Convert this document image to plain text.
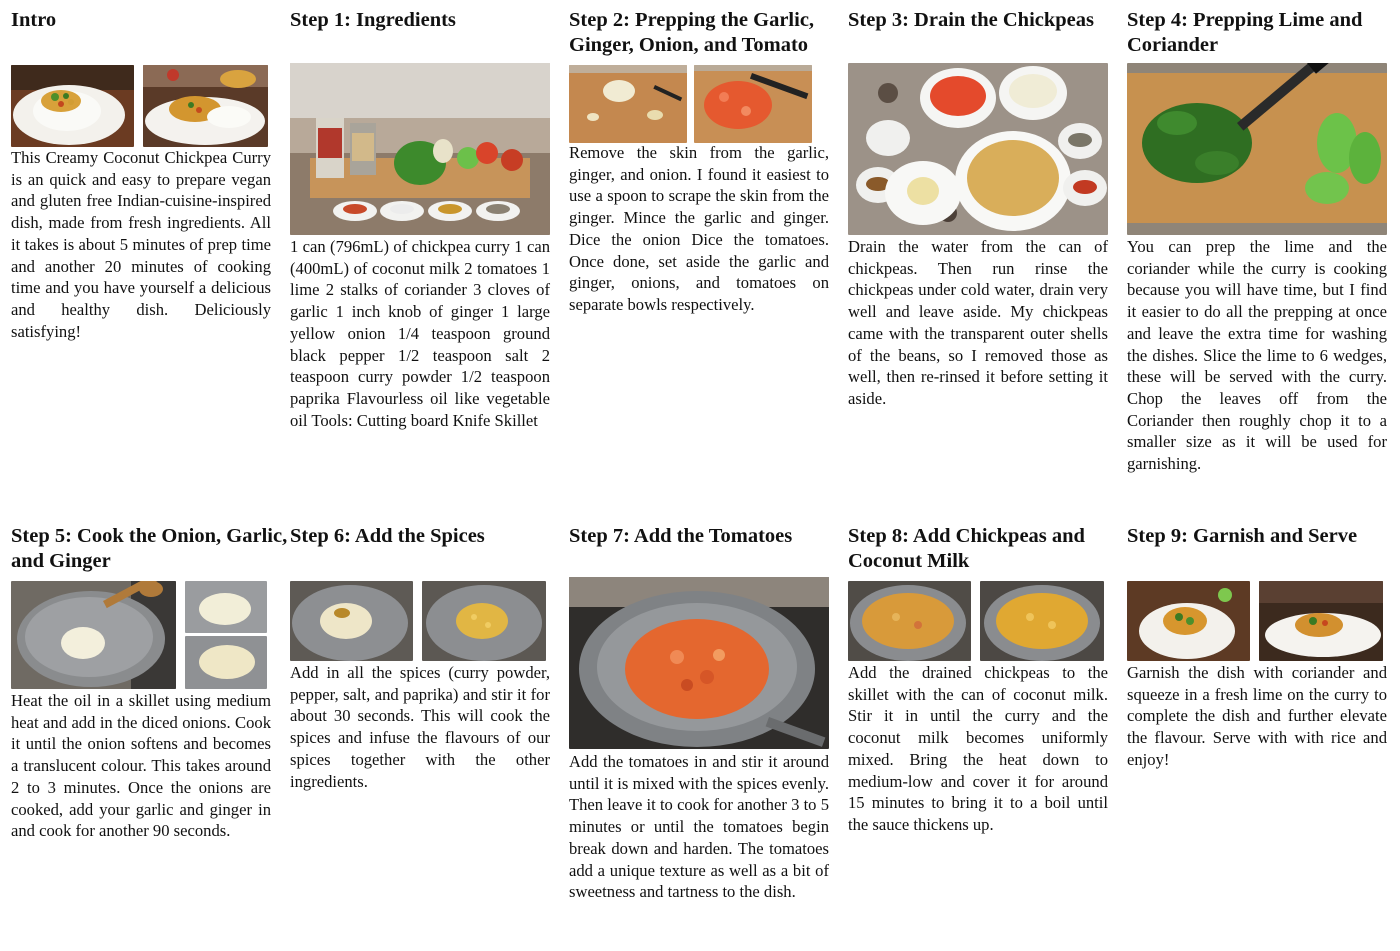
Intro

This Creamy Coconut Chickpea Curry is an quick and easy to prepare vegan and gluten free Indian-cuisine-inspired dish, made from fresh ingredients. All it takes is about 5 minutes of prep time and another 20 minutes of cooking time and you have yourself a delicious and healthy dish. Deliciously satisfying!

Step 1: Ingredients

1 can (796mL) of chickpea curry 1 can (400mL) of coconut milk 2 tomatoes 1 lime 2 stalks of coriander 3 cloves of garlic 1 inch knob of ginger 1 large yellow onion 1/4 teaspoon ground black pepper 1/2 teaspoon salt 2 teaspoon curry powder 1/2 teaspoon paprika Flavourless oil like vegetable oil Tools: Cutting board Knife Skillet

Step 2: Prepping the Garlic, Ginger, Onion, and Tomato

Remove the skin from the garlic, ginger, and onion. I found it easiest to use a spoon to scrape the skin from the ginger. Mince the garlic and ginger. Dice the onion Dice the tomatoes. Once done, set aside the garlic and ginger, onions, and tomatoes on separate bowls respectively.

Step 3: Drain the Chickpeas

Drain the water from the can of chickpeas. Then run rinse the chickpeas under cold water, drain very well and leave aside. My chickpeas came with the transparent outer shells of the beans, so I removed those as well, then re-rinsed it before setting it aside.

Step 4: Prepping Lime and Coriander

You can prep the lime and the coriander while the curry is cooking because you will have time, but I find it easier to do all the prepping at once and leave the extra time for washing the dishes. Slice the lime to 6 wedges, these will be served with the curry. Chop the leaves off from the Coriander then roughly chop it to a smaller size as it will be used for garnishing.

Step 5: Cook the Onion, Garlic, and Ginger

Heat the oil in a skillet using medium heat and add in the diced onions. Cook it until the onion softens and becomes a translucent colour. This takes around 2 to 3 minutes. Once the onions are cooked, add your garlic and ginger in and cook for another 90 seconds.

Step 6: Add the Spices

Add in all the spices (curry powder, pepper, salt, and paprika) and stir it for about 30 seconds. This will cook the spices and infuse the flavours of our spices together with the other ingredients.

Step 7: Add the Tomatoes

Add the tomatoes in and stir it around until it is mixed with the spices evenly. Then leave it to cook for another 3 to 5 minutes or until the tomatoes begin break down and harden. The tomatoes add a unique texture as well as a bit of sweetness and tartness to the dish.

Step 8: Add Chickpeas and Coconut Milk

Add the drained chickpeas to the skillet with the can of coconut milk. Stir it in until the curry and the coconut milk becomes uniformly mixed. Bring the heat down to medium-low and cover it for around 15 minutes to bring it to a boil until the sauce thickens up.

Step 9: Garnish and Serve

Garnish the dish with coriander and squeeze in a fresh lime on the curry to complete the dish and further elevate the flavour. Serve with with rice and enjoy!
